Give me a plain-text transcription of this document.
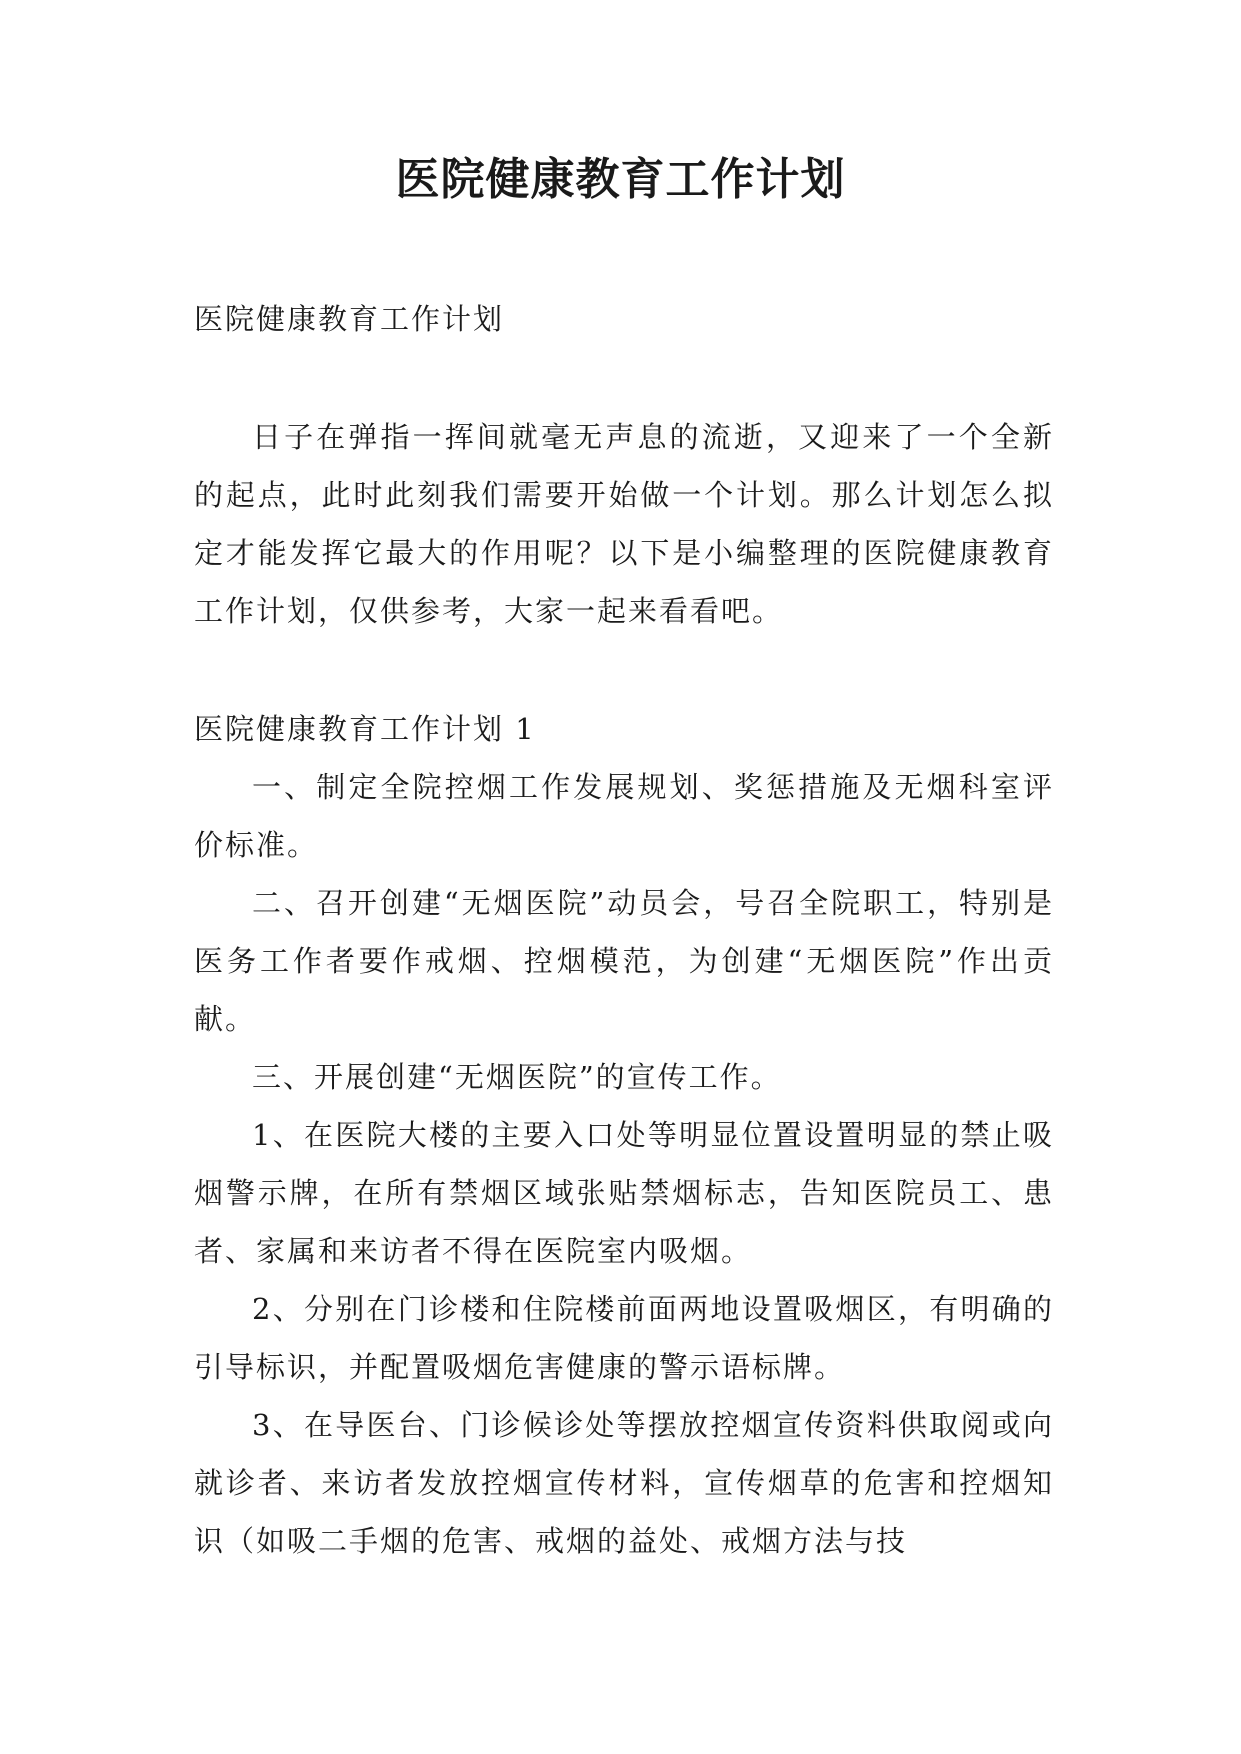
医院健康教育工作计划

医院健康教育工作计划

日子在弹指一挥间就毫无声息的流逝，又迎来了一个全新的起点，此时此刻我们需要开始做一个计划。那么计划怎么拟定才能发挥它最大的作用呢？以下是小编整理的医院健康教育工作计划，仅供参考，大家一起来看看吧。

医院健康教育工作计划 1

一、制定全院控烟工作发展规划、奖惩措施及无烟科室评价标准。

二、召开创建“无烟医院”动员会，号召全院职工，特别是医务工作者要作戒烟、控烟模范，为创建“无烟医院”作出贡献。

三、开展创建“无烟医院”的宣传工作。

1、在医院大楼的主要入口处等明显位置设置明显的禁止吸烟警示牌，在所有禁烟区域张贴禁烟标志，告知医院员工、患者、家属和来访者不得在医院室内吸烟。

2、分别在门诊楼和住院楼前面两地设置吸烟区，有明确的引导标识，并配置吸烟危害健康的警示语标牌。

3、在导医台、门诊候诊处等摆放控烟宣传资料供取阅或向就诊者、来访者发放控烟宣传材料，宣传烟草的危害和控烟知识（如吸二手烟的危害、戒烟的益处、戒烟方法与技
